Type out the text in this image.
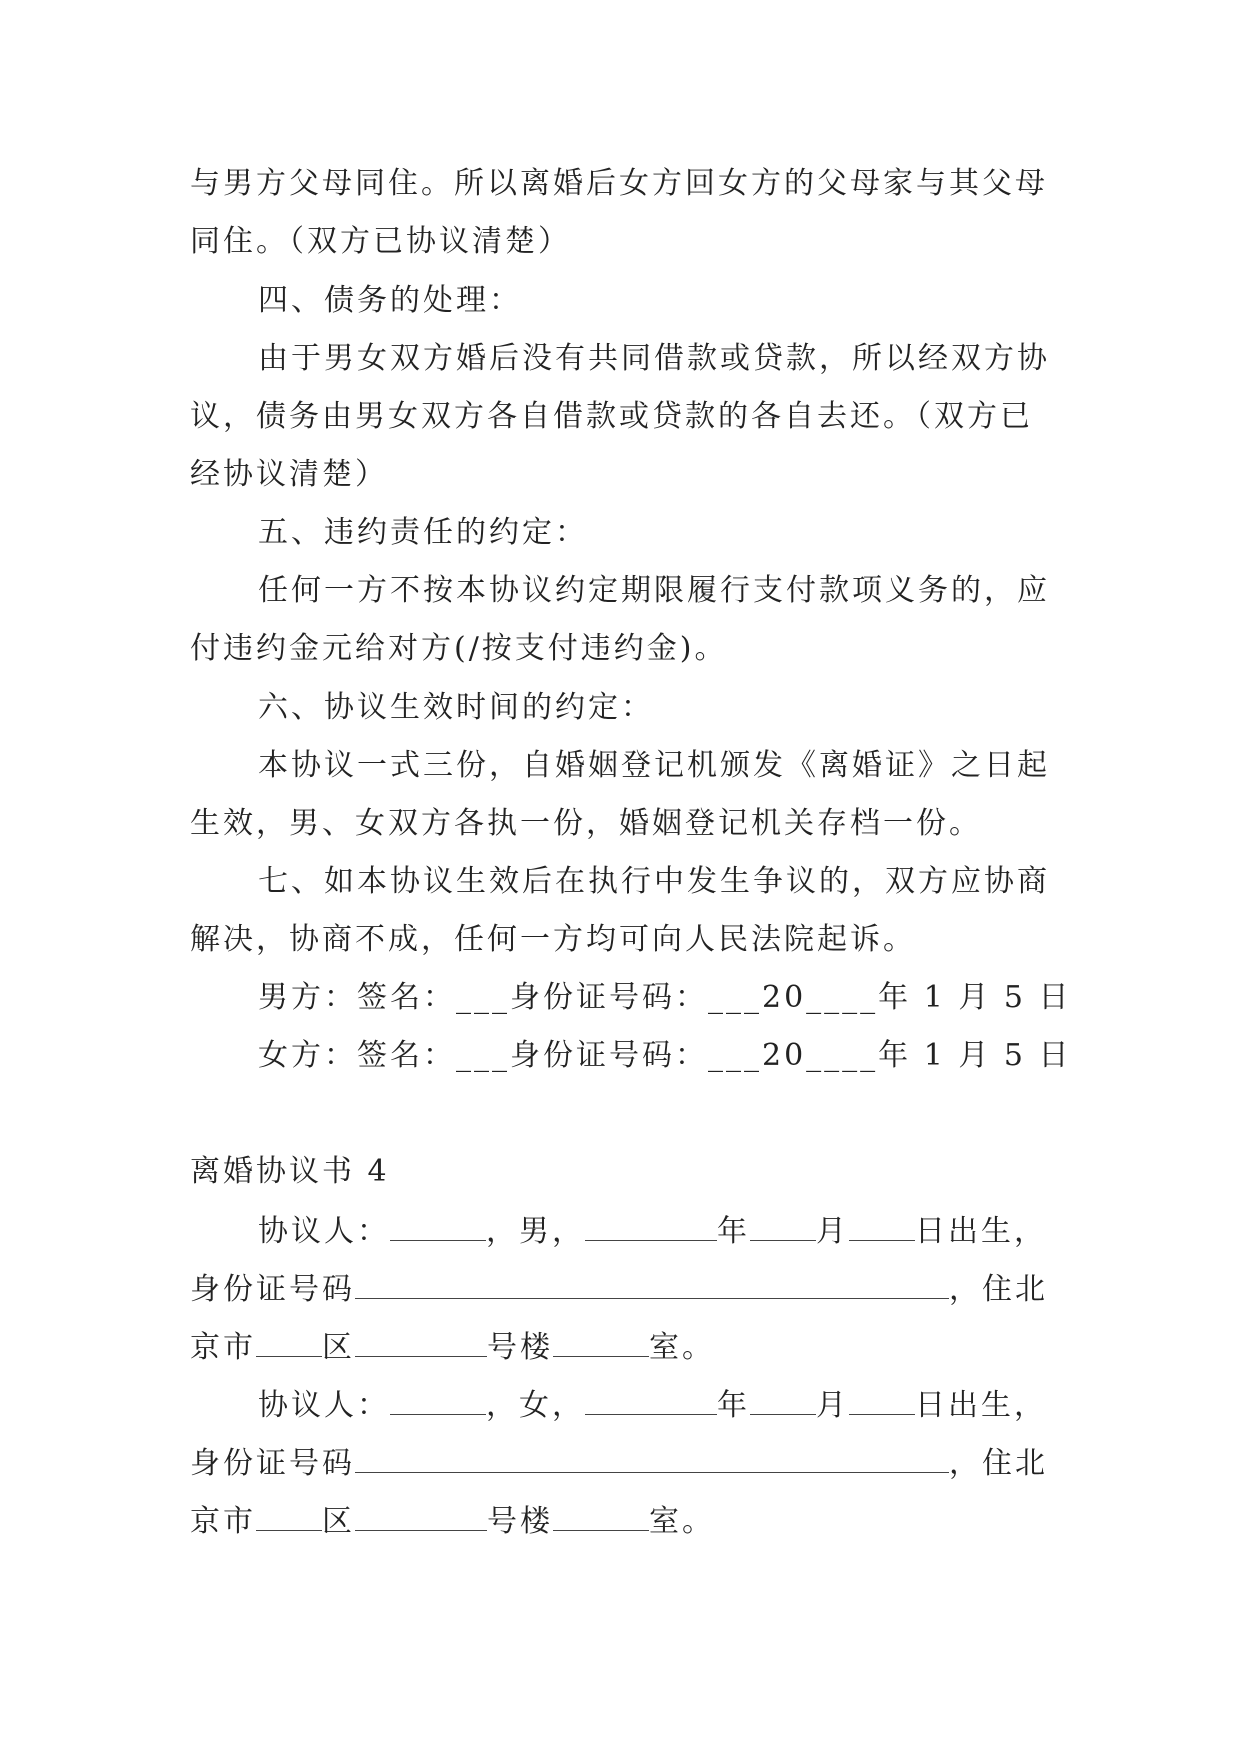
与男方父母同住。所以离婚后女方回女方的父母家与其父母
同住。（双方已协议清楚）
四、债务的处理：
由于男女双方婚后没有共同借款或贷款，所以经双方协
议，债务由男女双方各自借款或贷款的各自去还。（双方已
经协议清楚）
五、违约责任的约定：
任何一方不按本协议约定期限履行支付款项义务的，应
付违约金元给对方(/按支付违约金)。
六、协议生效时间的约定：
本协议一式三份，自婚姻登记机颁发《离婚证》之日起
生效，男、女双方各执一份，婚姻登记机关存档一份。
七、如本协议生效后在执行中发生争议的，双方应协商
解决，协商不成，任何一方均可向人民法院起诉。
男方：签名：___身份证号码：___20____年 1 月 5 日
女方：签名：___身份证号码：___20____年 1 月 5 日
离婚协议书 4
协议人：	，男，	年 月 日出生，
身份证号码	，住北
京市 区	号楼	室。
协议人：	，女，	年 月 日出生，
身份证号码	，住北
京市 区	号楼	室。
